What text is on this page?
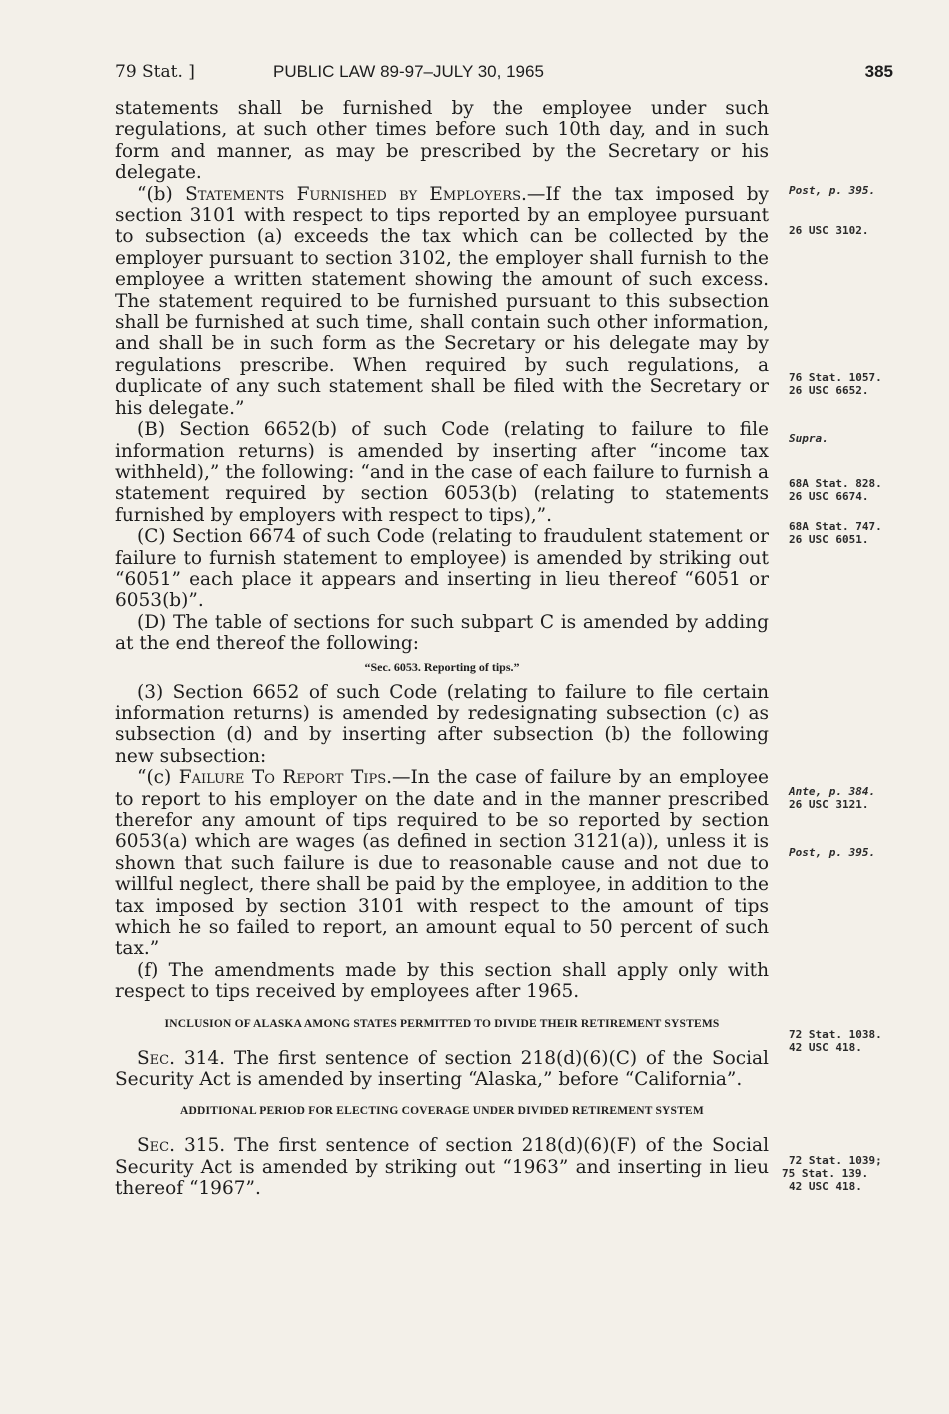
79 Stat. ]	PUBLIC LAW 89-97–JULY 30, 1965	385

statements shall be furnished by the employee under such regulations, at such other times before such 10th day, and in such form and manner, as may be prescribed by the Secretary or his delegate.

“(b) Statements Furnished by Employers.—If the tax imposed by section 3101 with respect to tips reported by an employee pursuant to subsection (a) exceeds the tax which can be collected by the employer pursuant to section 3102, the employer shall furnish to the employee a written statement showing the amount of such excess. The statement required to be furnished pursuant to this subsection shall be furnished at such time, shall contain such other information, and shall be in such form as the Secretary or his delegate may by regulations prescribe. When required by such regulations, a duplicate of any such statement shall be filed with the Secretary or his delegate.”

(B) Section 6652(b) of such Code (relating to failure to file information returns) is amended by inserting after “income tax withheld),” the following: “and in the case of each failure to furnish a statement required by section 6053(b) (relating to statements furnished by employers with respect to tips),”.

(C) Section 6674 of such Code (relating to fraudulent statement or failure to furnish statement to employee) is amended by striking out “6051” each place it appears and inserting in lieu thereof “6051 or 6053(b)”.

(D) The table of sections for such subpart C is amended by adding at the end thereof the following:

“Sec. 6053. Reporting of tips.”

(3) Section 6652 of such Code (relating to failure to file certain information returns) is amended by redesignating subsection (c) as subsection (d) and by inserting after subsection (b) the following new subsection:

“(c) Failure To Report Tips.—In the case of failure by an employee to report to his employer on the date and in the manner prescribed therefor any amount of tips required to be so reported by section 6053(a) which are wages (as defined in section 3121(a)), unless it is shown that such failure is due to reasonable cause and not due to willful neglect, there shall be paid by the employee, in addition to the tax imposed by section 3101 with respect to the amount of tips which he so failed to report, an amount equal to 50 percent of such tax.”

(f) The amendments made by this section shall apply only with respect to tips received by employees after 1965.

INCLUSION OF ALASKA AMONG STATES PERMITTED TO DIVIDE THEIR RETIREMENT SYSTEMS

Sec. 314. The first sentence of section 218(d)(6)(C) of the Social Security Act is amended by inserting “Alaska,” before “California”.

ADDITIONAL PERIOD FOR ELECTING COVERAGE UNDER DIVIDED RETIREMENT SYSTEM

Sec. 315. The first sentence of section 218(d)(6)(F) of the Social Security Act is amended by striking out “1963” and inserting in lieu thereof “1967”.

Post, p. 395.
26 USC 3102.
76 Stat. 1057.
26 USC 6652.
Supra.
68A Stat. 828.
26 USC 6674.
68A Stat. 747.
26 USC 6051.
Ante, p. 384.
26 USC 3121.
Post, p. 395.
72 Stat. 1038.
42 USC 418.
72 Stat. 1039;
75 Stat. 139.
42 USC 418.
